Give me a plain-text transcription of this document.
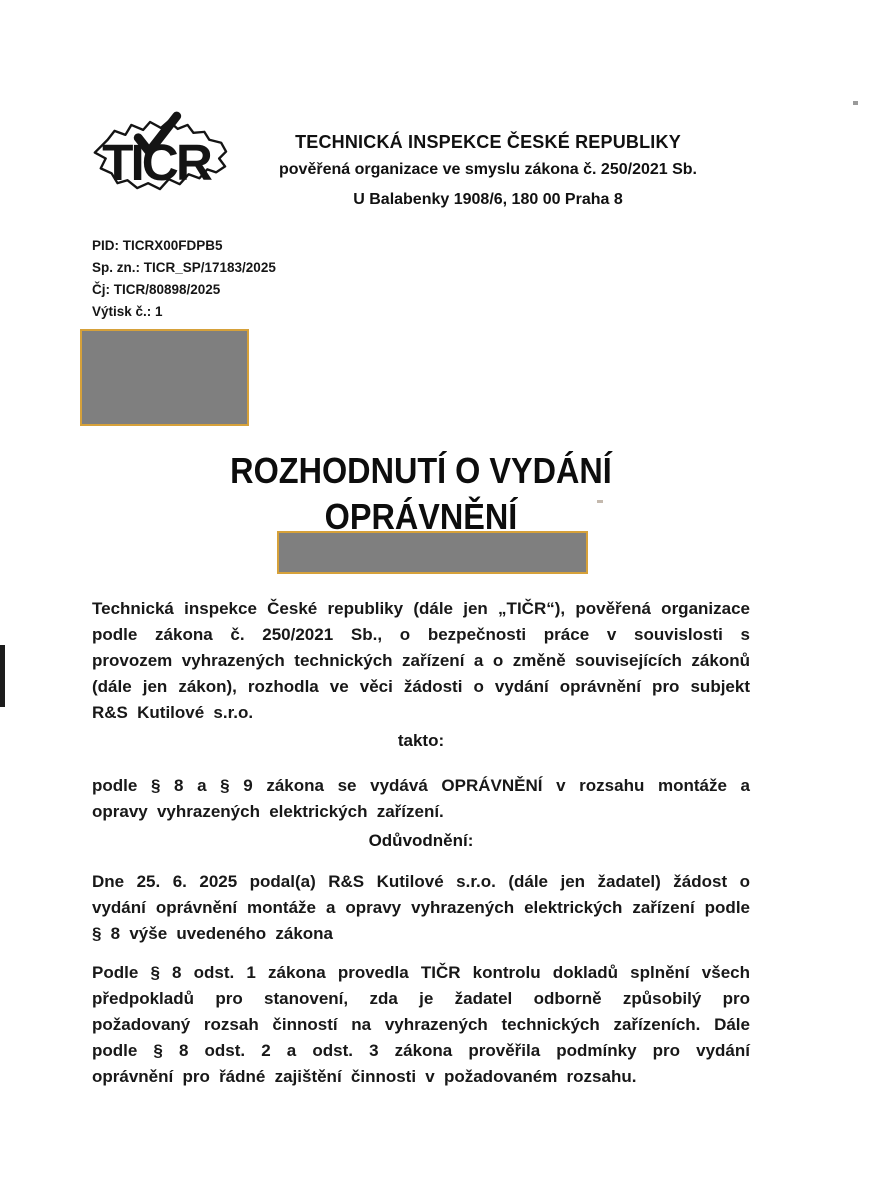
TICR	TECHNICKÁ INSPEKCE ČESKÉ REPUBLIKY
pověřená organizace ve smyslu zákona č. 250/2021 Sb.
U Balabenky 1908/6, 180 00 Praha 8
PID: TICRX00FDPB5
Sp. zn.: TICR_SP/17183/2025
Čj: TICR/80898/2025
Výtisk č.: 1
ROZHODNUTÍ O VYDÁNÍ
OPRÁVNĚNÍ

Technická inspekce České republiky (dále jen „TIČR“), pověřená organizace podle zákona č. 250/2021 Sb., o bezpečnosti práce v souvislosti s provozem vyhrazených technických zařízení a o změně souvisejících zákonů (dále jen zákon), rozhodla ve věci žádosti o vydání oprávnění pro subjekt R&S Kutilové s.r.o.

takto:

podle § 8 a § 9 zákona se vydává OPRÁVNĚNÍ v rozsahu montáže a opravy vyhrazených elektrických zařízení.

Odůvodnění:

Dne 25. 6. 2025 podal(a) R&S Kutilové s.r.o. (dále jen žadatel) žádost o vydání oprávnění montáže a opravy vyhrazených elektrických zařízení podle § 8 výše uvedeného zákona

Podle § 8 odst. 1 zákona provedla TIČR kontrolu dokladů splnění všech předpokladů pro stanovení, zda je žadatel odborně způsobilý pro požadovaný rozsah činností na vyhrazených technických zařízeních. Dále podle § 8 odst. 2 a odst. 3 zákona prověřila podmínky pro vydání oprávnění pro řádné zajištění činnosti v požadovaném rozsahu.
